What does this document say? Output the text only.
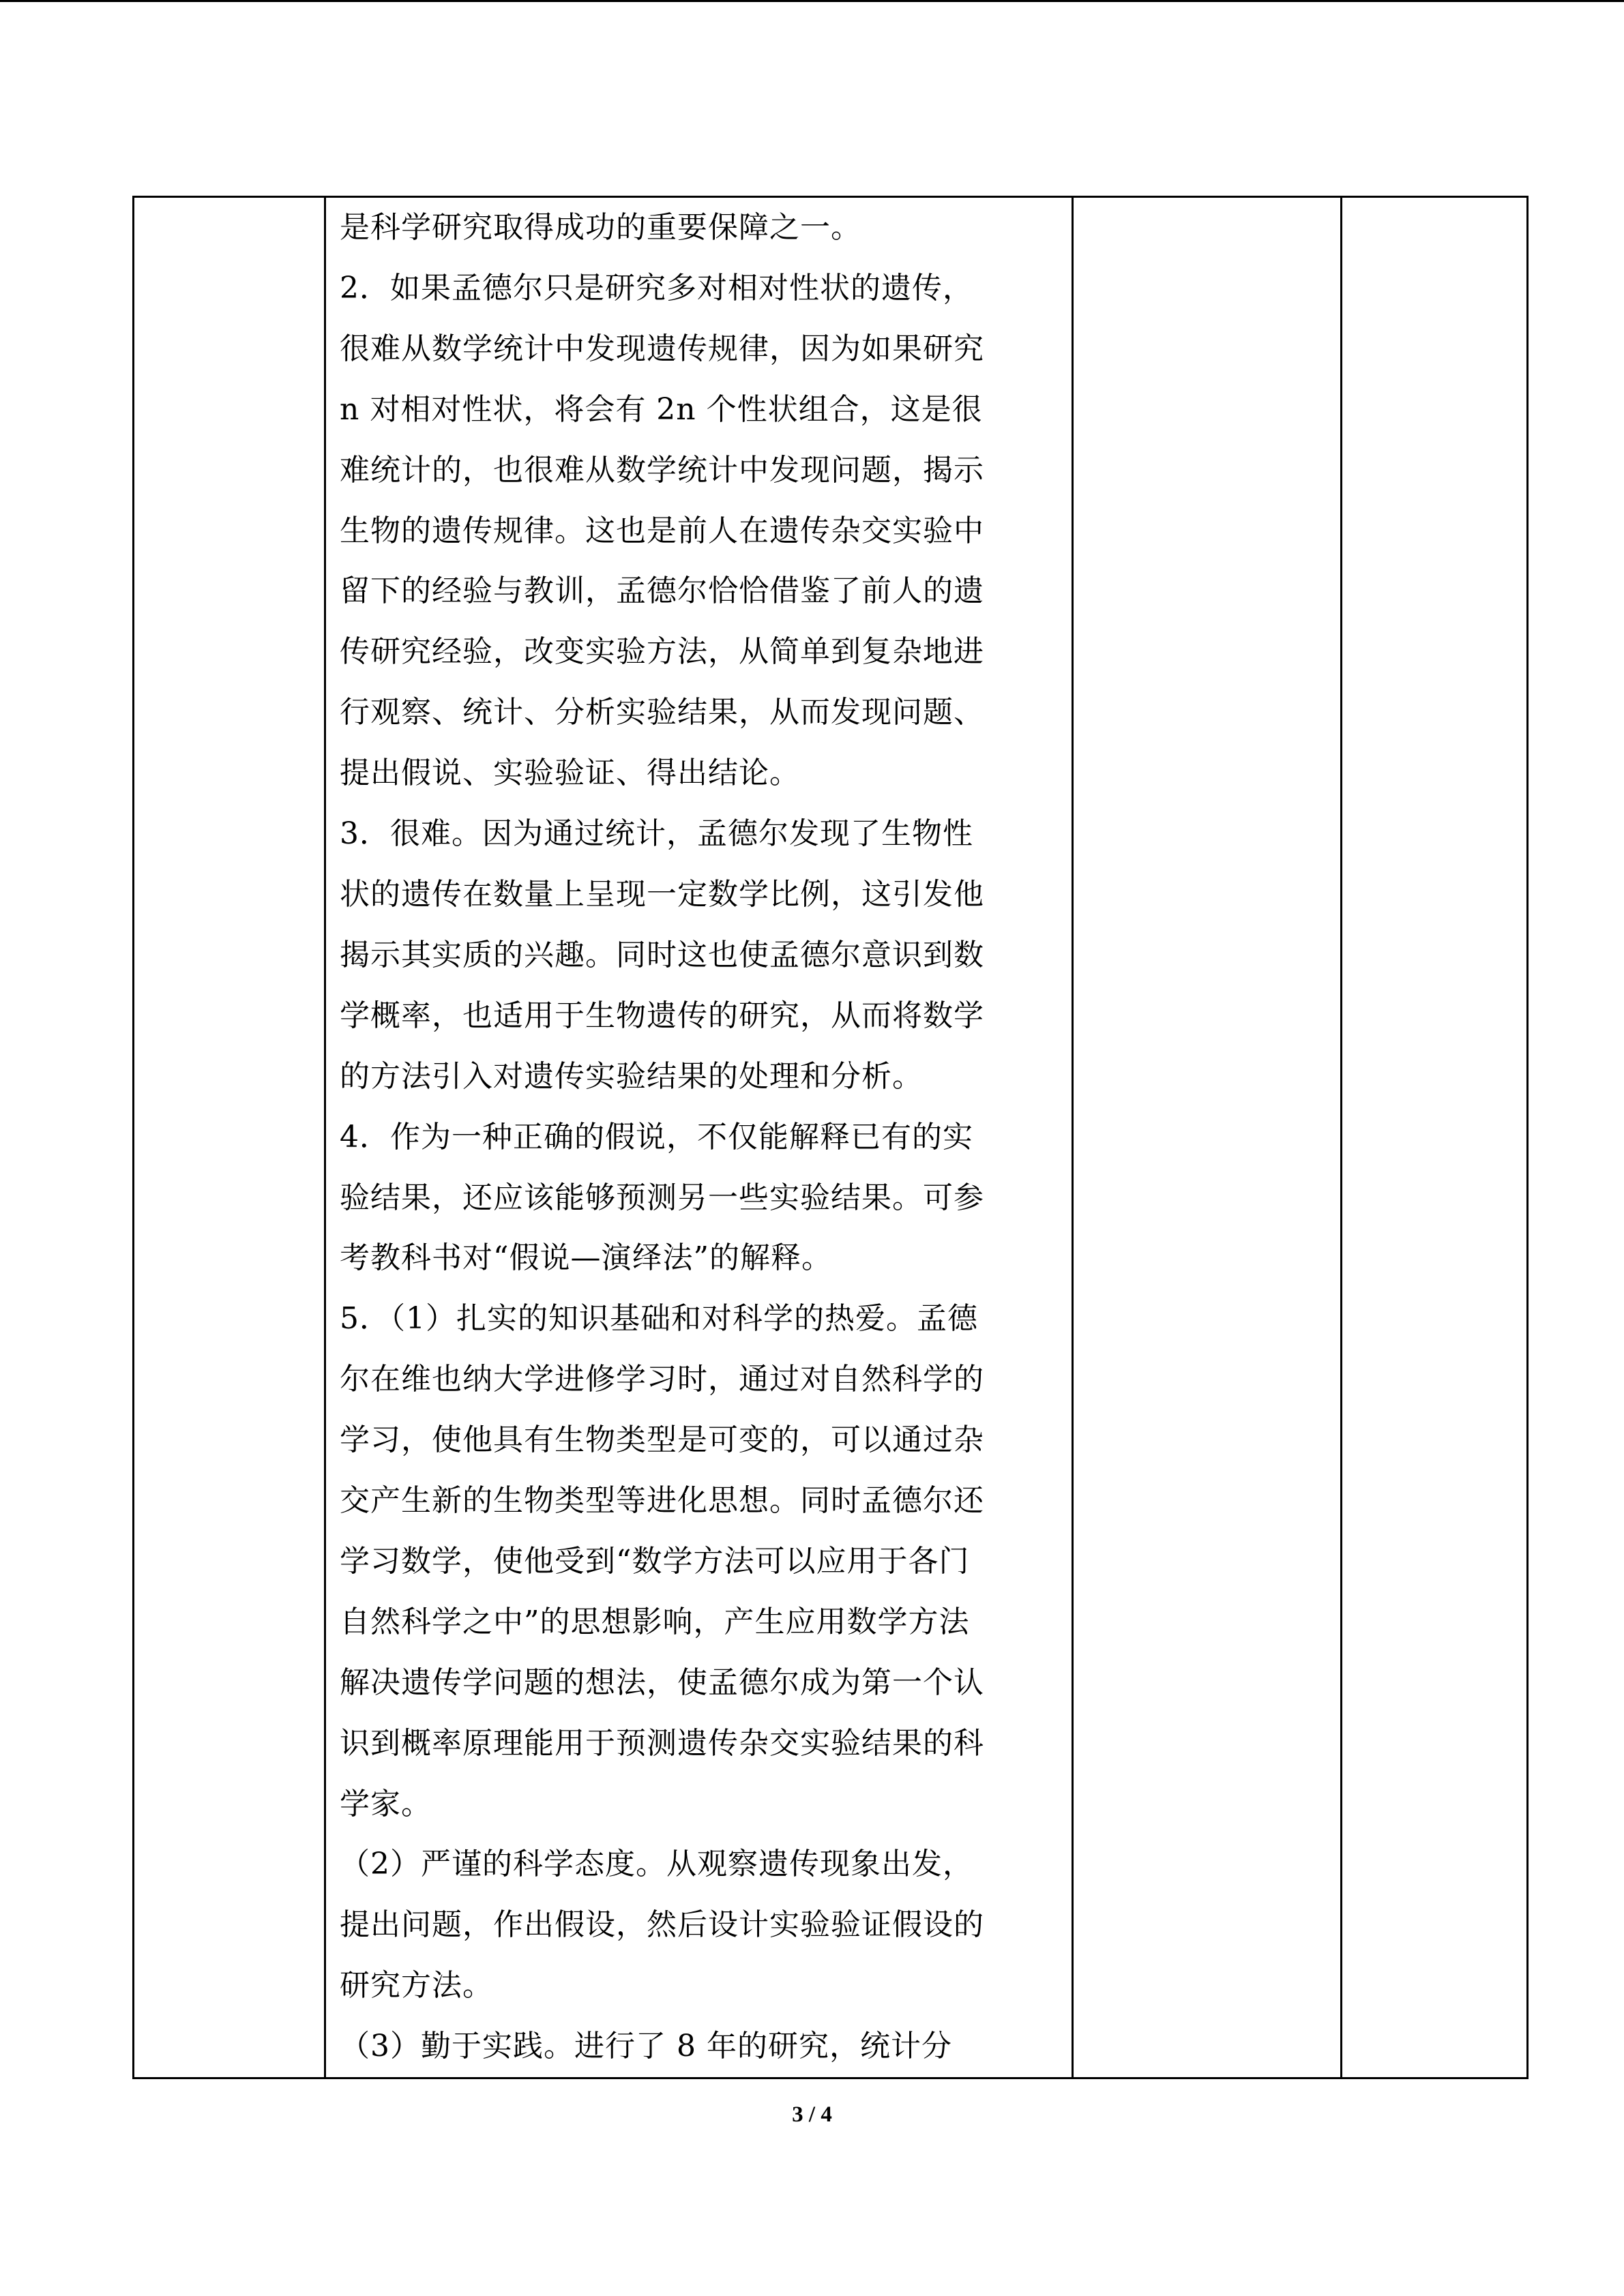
是科学研究取得成功的重要保障之一。

2．如果孟德尔只是研究多对相对性状的遗传，

很难从数学统计中发现遗传规律，因为如果研究

n 对相对性状，将会有 2n 个性状组合，这是很

难统计的，也很难从数学统计中发现问题，揭示

生物的遗传规律。这也是前人在遗传杂交实验中

留下的经验与教训，孟德尔恰恰借鉴了前人的遗

传研究经验，改变实验方法，从简单到复杂地进

行观察、统计、分析实验结果，从而发现问题、

提出假说、实验验证、得出结论。

3．很难。因为通过统计，孟德尔发现了生物性

状的遗传在数量上呈现一定数学比例，这引发他

揭示其实质的兴趣。同时这也使孟德尔意识到数

学概率，也适用于生物遗传的研究，从而将数学

的方法引入对遗传实验结果的处理和分析。

4．作为一种正确的假说，不仅能解释已有的实

验结果，还应该能够预测另一些实验结果。可参

考教科书对“假说—演绎法”的解释。

5．（1）扎实的知识基础和对科学的热爱。孟德

尔在维也纳大学进修学习时，通过对自然科学的

学习，使他具有生物类型是可变的，可以通过杂

交产生新的生物类型等进化思想。同时孟德尔还

学习数学，使他受到“数学方法可以应用于各门

自然科学之中”的思想影响，产生应用数学方法

解决遗传学问题的想法，使孟德尔成为第一个认

识到概率原理能用于预测遗传杂交实验结果的科

学家。

（2）严谨的科学态度。从观察遗传现象出发，

提出问题，作出假设，然后设计实验验证假设的

研究方法。

（3）勤于实践。进行了 8 年的研究，统计分

3 / 4
